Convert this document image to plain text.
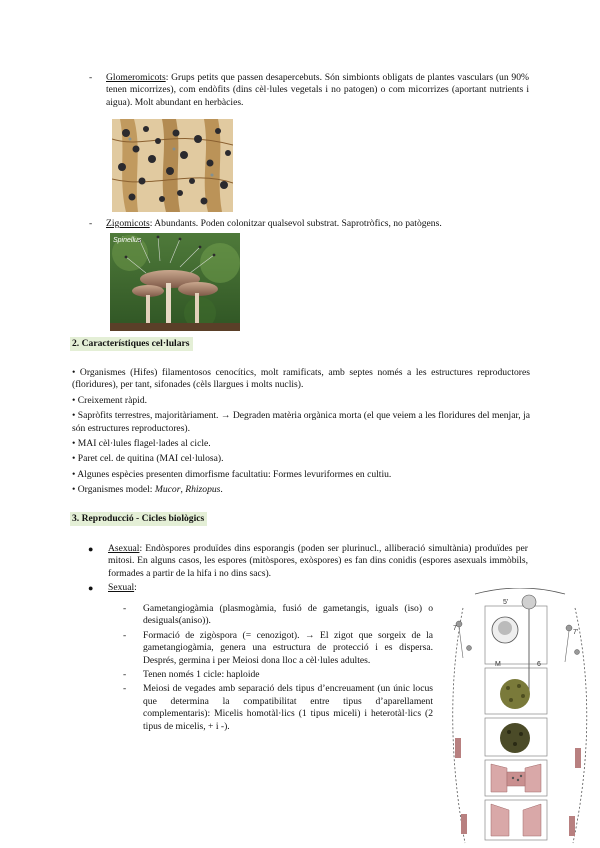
- Glomeromicots: Grups petits que passen desapercebuts. Són simbionts obligats de plantes vasculars (un 90% tenen micorrizes), com endòfits (dins cèl·lules vegetals i no patogen) o com micorrizes (aportant nutrients i aigua). Molt abundant en herbàcies.
- Zigomicots: Abundants. Poden colonitzar qualsevol substrat. Saprotròfics, no patògens.
Spinellus
2. Característiques cel·lulars

• Organismes (Hifes) filamentosos cenocítics, molt ramificats, amb septes només a les estructures reproductores (floridures), per tant, sifonades (cèls llargues i molts nuclis).

• Creixement ràpid.

• Sapròfits terrestres, majoritàriament. → Degraden matèria orgànica morta (el que veiem a les floridures del menjar, ja són estructures reproductores).

• MAI cèl·lules flagel·lades al cicle.

• Paret cel. de quitina (MAI cel·lulosa).

• Algunes espècies presenten dimorfisme facultatiu: Formes levuriformes en cultiu.

• Organismes model: Mucor, Rhizopus.

3. Reproducció - Cicles biològics
● Asexual: Endòspores produïdes dins esporangis (poden ser plurinucl., alliberació simultània) produïdes per mitosi. En alguns casos, les espores (mitòspores, exòspores) es fan dins conidis (espores asexuals immòbils, formades a partir de la hifa i no dins sacs).
● Sexual:
- Gametangiogàmia (plasmogàmia, fusió de gametangis, iguals (iso) o desiguals(aniso)).
- Formació de zigòspora (= cenozigot). → El zigot que sorgeix de la gametangiogàmia, genera una estructura de protecció i es dispersa. Després, germina i per Meiosi dona lloc a cèl·lules adultes.
- Tenen només 1 cicle: haploide
- Meiosi de vegades amb separació dels tipus d’encreuament (un únic locus que determina la compatibilitat entre tipus d’aparellament complementaris): Micelis homotàl·lics (1 tipus miceli) i heterotàl·lics (2 tipus de micelis, + i -).
5'
7
7'
6
M
